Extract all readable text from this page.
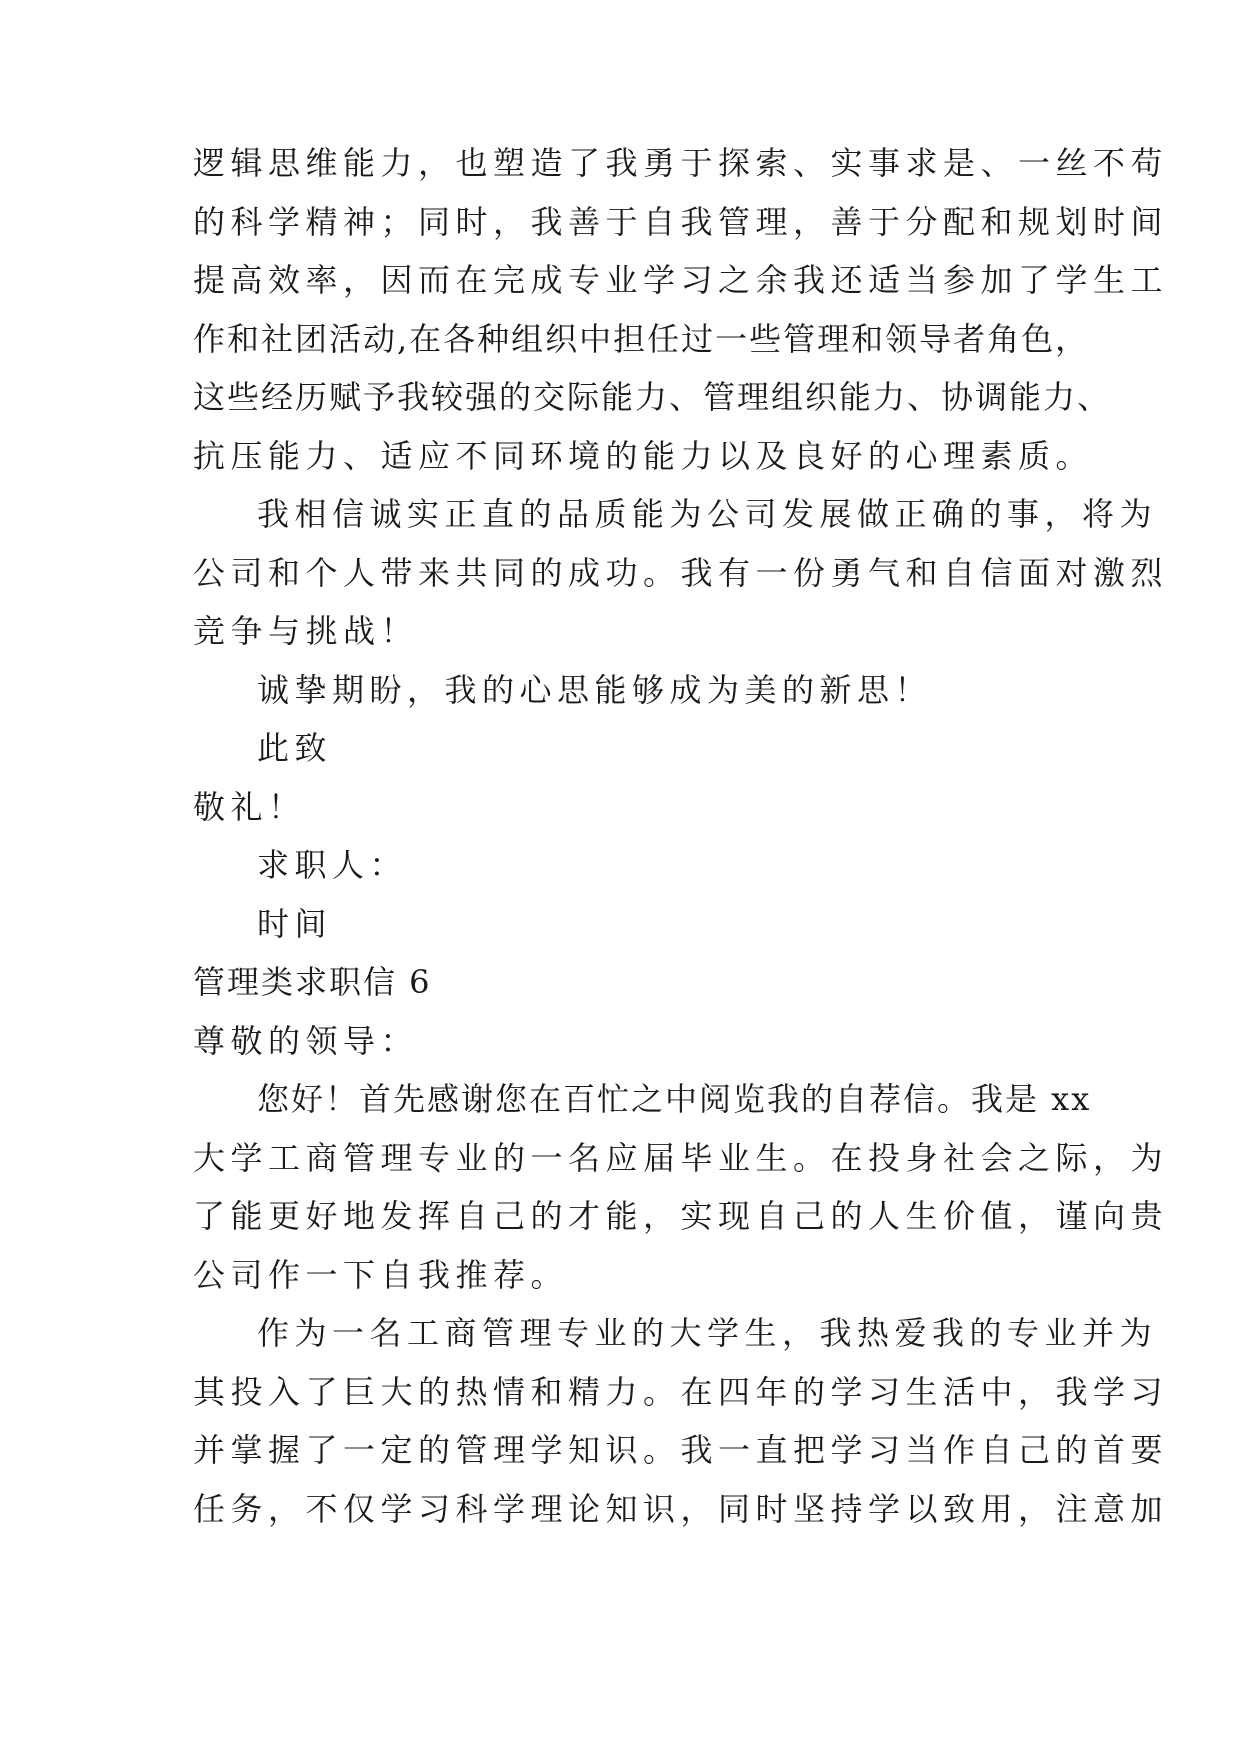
逻辑思维能力，也塑造了我勇于探索、实事求是、一丝不苟
的科学精神；同时，我善于自我管理，善于分配和规划时间
提高效率，因而在完成专业学习之余我还适当参加了学生工
作和社团活动,在各种组织中担任过一些管理和领导者角色，
这些经历赋予我较强的交际能力、管理组织能力、协调能力、
抗压能力、适应不同环境的能力以及良好的心理素质。
我相信诚实正直的品质能为公司发展做正确的事，将为
公司和个人带来共同的成功。我有一份勇气和自信面对激烈
竞争与挑战！
诚挚期盼，我的心思能够成为美的新思！
此致
敬礼！
求职人：
时间
管理类求职信 6
尊敬的领导：
您好！首先感谢您在百忙之中阅览我的自荐信。我是 xx
大学工商管理专业的一名应届毕业生。在投身社会之际，为
了能更好地发挥自己的才能，实现自己的人生价值，谨向贵
公司作一下自我推荐。
作为一名工商管理专业的大学生，我热爱我的专业并为
其投入了巨大的热情和精力。在四年的学习生活中，我学习
并掌握了一定的管理学知识。我一直把学习当作自己的首要
任务，不仅学习科学理论知识，同时坚持学以致用，注意加
